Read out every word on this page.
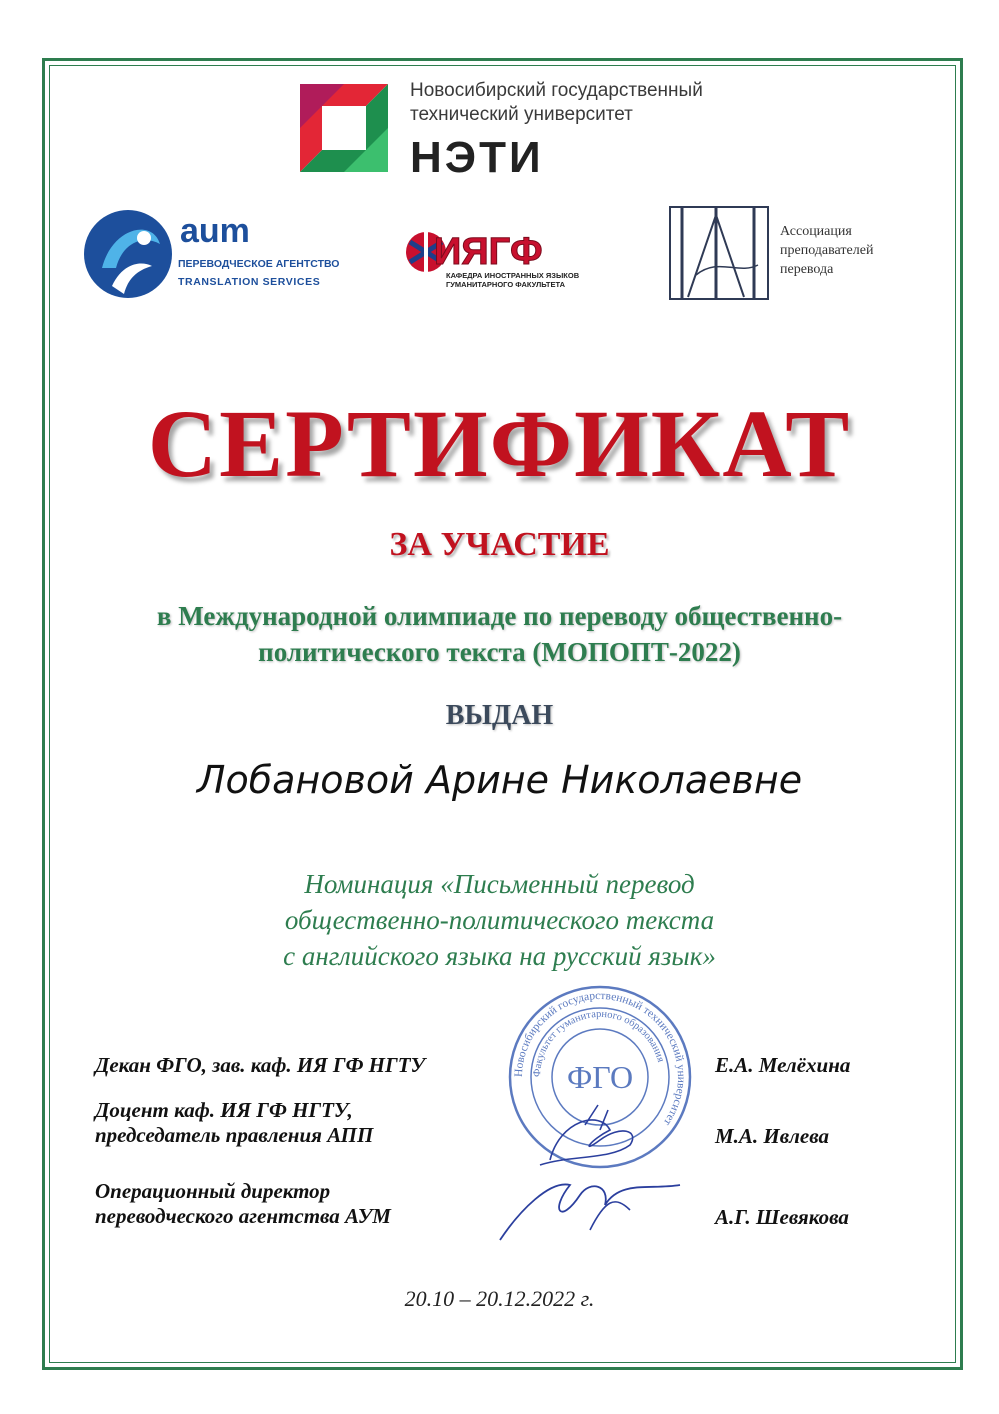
Новосибирский государственный
технический университет
НЭТИ
aum
ПЕРЕВОДЧЕСКОЕ АГЕНТСТВО
TRANSLATION SERVICES
ИЯГФ
КАФЕДРА ИНОСТРАННЫХ ЯЗЫКОВ
ГУМАНИТАРНОГО ФАКУЛЬТЕТА
Ассоциация
преподавателей
перевода
СЕРТИФИКАТ
ЗА УЧАСТИЕ
в Международной олимпиаде по переводу общественно-
политического текста (МОПОПТ-2022)
ВЫДАН
Лобановой Арине Николаевне
Номинация «Письменный перевод
общественно-политического текста
с английского языка на русский язык»
Новосибирский государственный технический университет
Факультет гуманитарного образования
ФГО
Декан ФГО, зав. каф. ИЯ ГФ НГТУ	Е.А. Мелёхина
Доцент каф. ИЯ ГФ НГТУ,
председатель правления АПП	М.А. Ивлева
Операционный директор
переводческого агентства АУМ	А.Г. Шевякова
20.10 – 20.12.2022 г.
